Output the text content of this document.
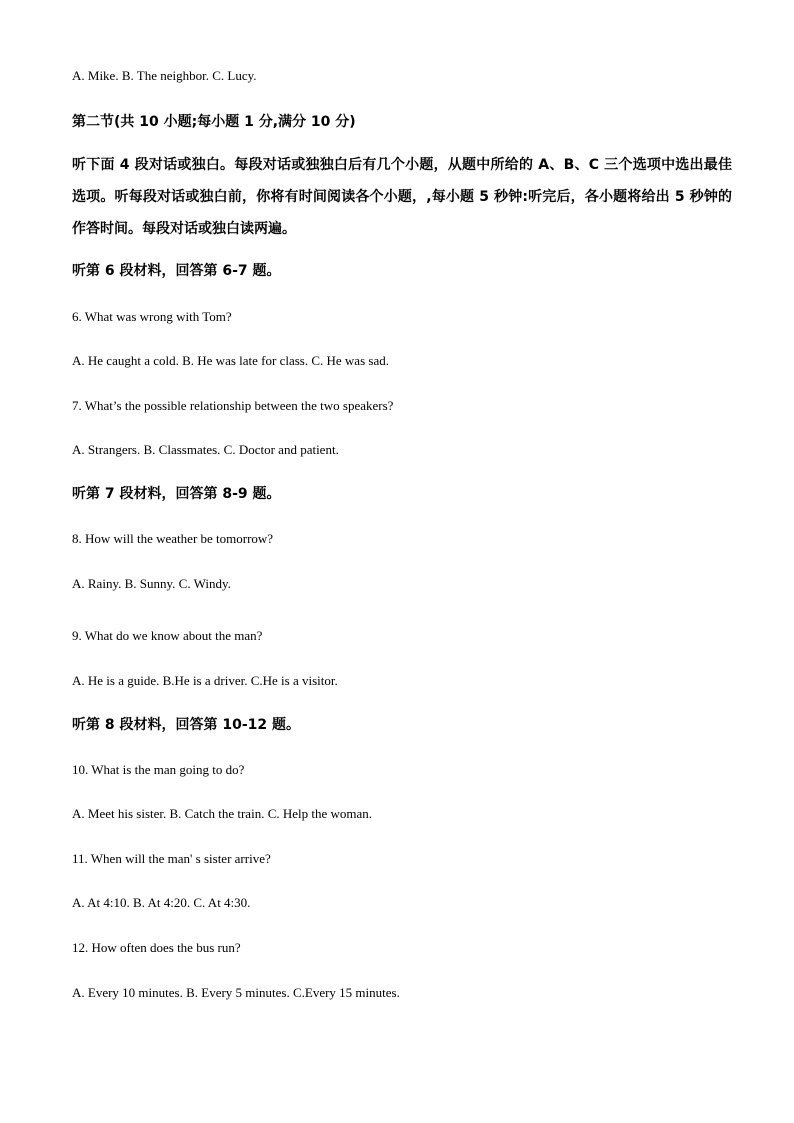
A. Mike. B. The neighbor. C. Lucy.
第二节(共 10 小题;每小题 1 分,满分 10 分)
听下面 4 段对话或独白。每段对话或独独白后有几个小题，从题中所给的 A、B、C 三个选项中选出最佳选项。听每段对话或独白前，你将有时间阅读各个小题，,每小题 5 秒钟:听完后，各小题将给出 5 秒钟的作答时间。每段对话或独白读两遍。
听第 6 段材料，回答第 6-7 题。
6. What was wrong with Tom?
A. He caught a cold. B. He was late for class. C. He was sad.
7. What’s the possible relationship between the two speakers?
A. Strangers. B. Classmates. C. Doctor and patient.
听第 7 段材料，回答第 8-9 题。
8. How will the weather be tomorrow?
A. Rainy. B. Sunny. C. Windy.
9. What do we know about the man?
A. He is a guide. B.He is a driver. C.He is a visitor.
听第 8 段材料，回答第 10-12 题。
10. What is the man going to do?
A. Meet his sister. B. Catch the train. C. Help the woman.
11. When will the man' s sister arrive?
A. At 4:10. B. At 4:20. C. At 4:30.
12. How often does the bus run?
A. Every 10 minutes. B. Every 5 minutes. C.Every 15 minutes.
